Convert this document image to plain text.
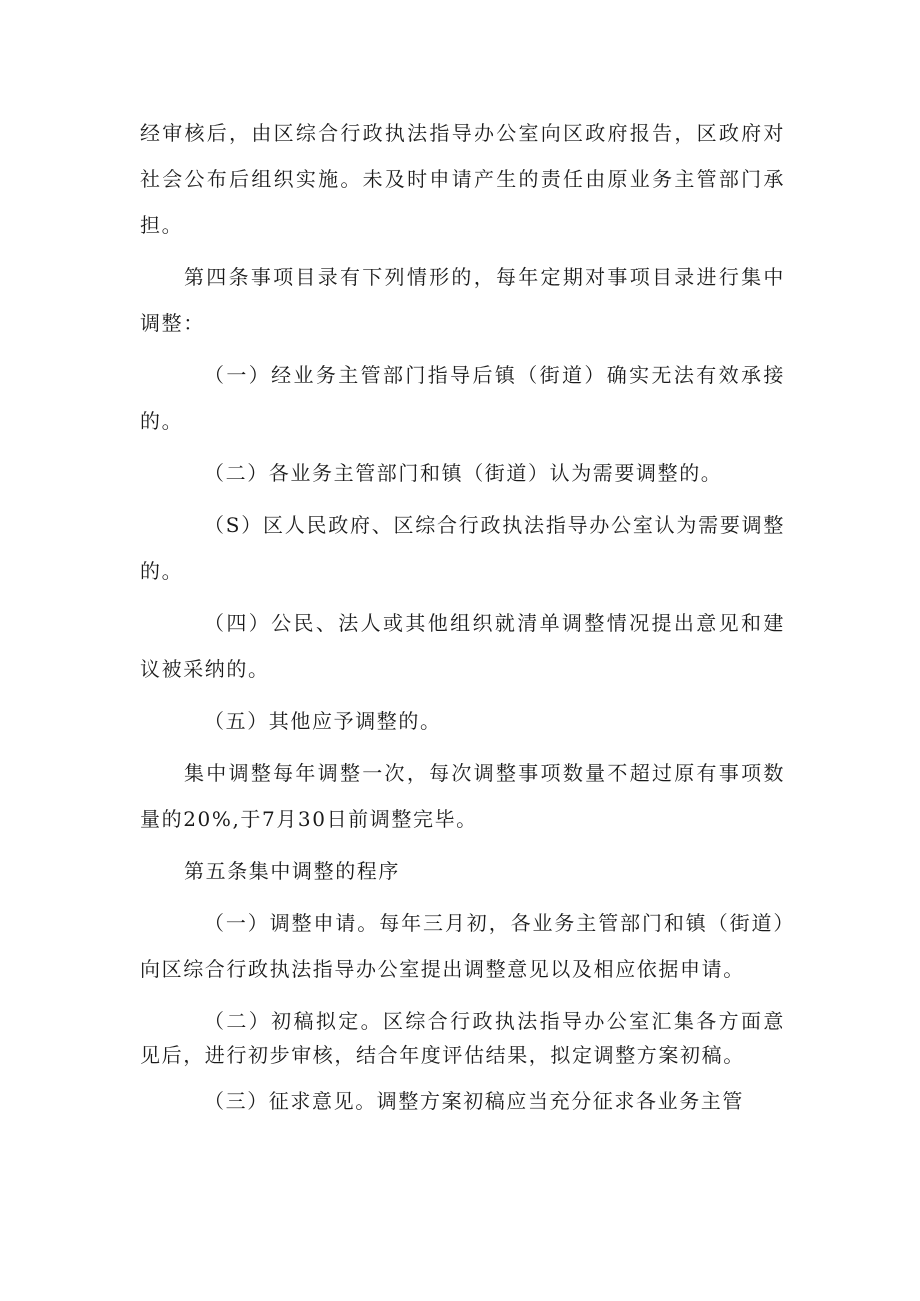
经审核后，由区综合行政执法指导办公室向区政府报告，区政府对社会公布后组织实施。未及时申请产生的责任由原业务主管部门承担。

第四条事项目录有下列情形的，每年定期对事项目录进行集中调整：

（一）经业务主管部门指导后镇（街道）确实无法有效承接的。

（二）各业务主管部门和镇（街道）认为需要调整的。

（S）区人民政府、区综合行政执法指导办公室认为需要调整的。

（四）公民、法人或其他组织就清单调整情况提出意见和建议被采纳的。

（五）其他应予调整的。

集中调整每年调整一次，每次调整事项数量不超过原有事项数量的20%,于7月30日前调整完毕。

第五条集中调整的程序

（一）调整申请。每年三月初，各业务主管部门和镇（街道）向区综合行政执法指导办公室提出调整意见以及相应依据申请。

（二）初稿拟定。区综合行政执法指导办公室汇集各方面意见后，进行初步审核，结合年度评估结果，拟定调整方案初稿。

（三）征求意见。调整方案初稿应当充分征求各业务主管
